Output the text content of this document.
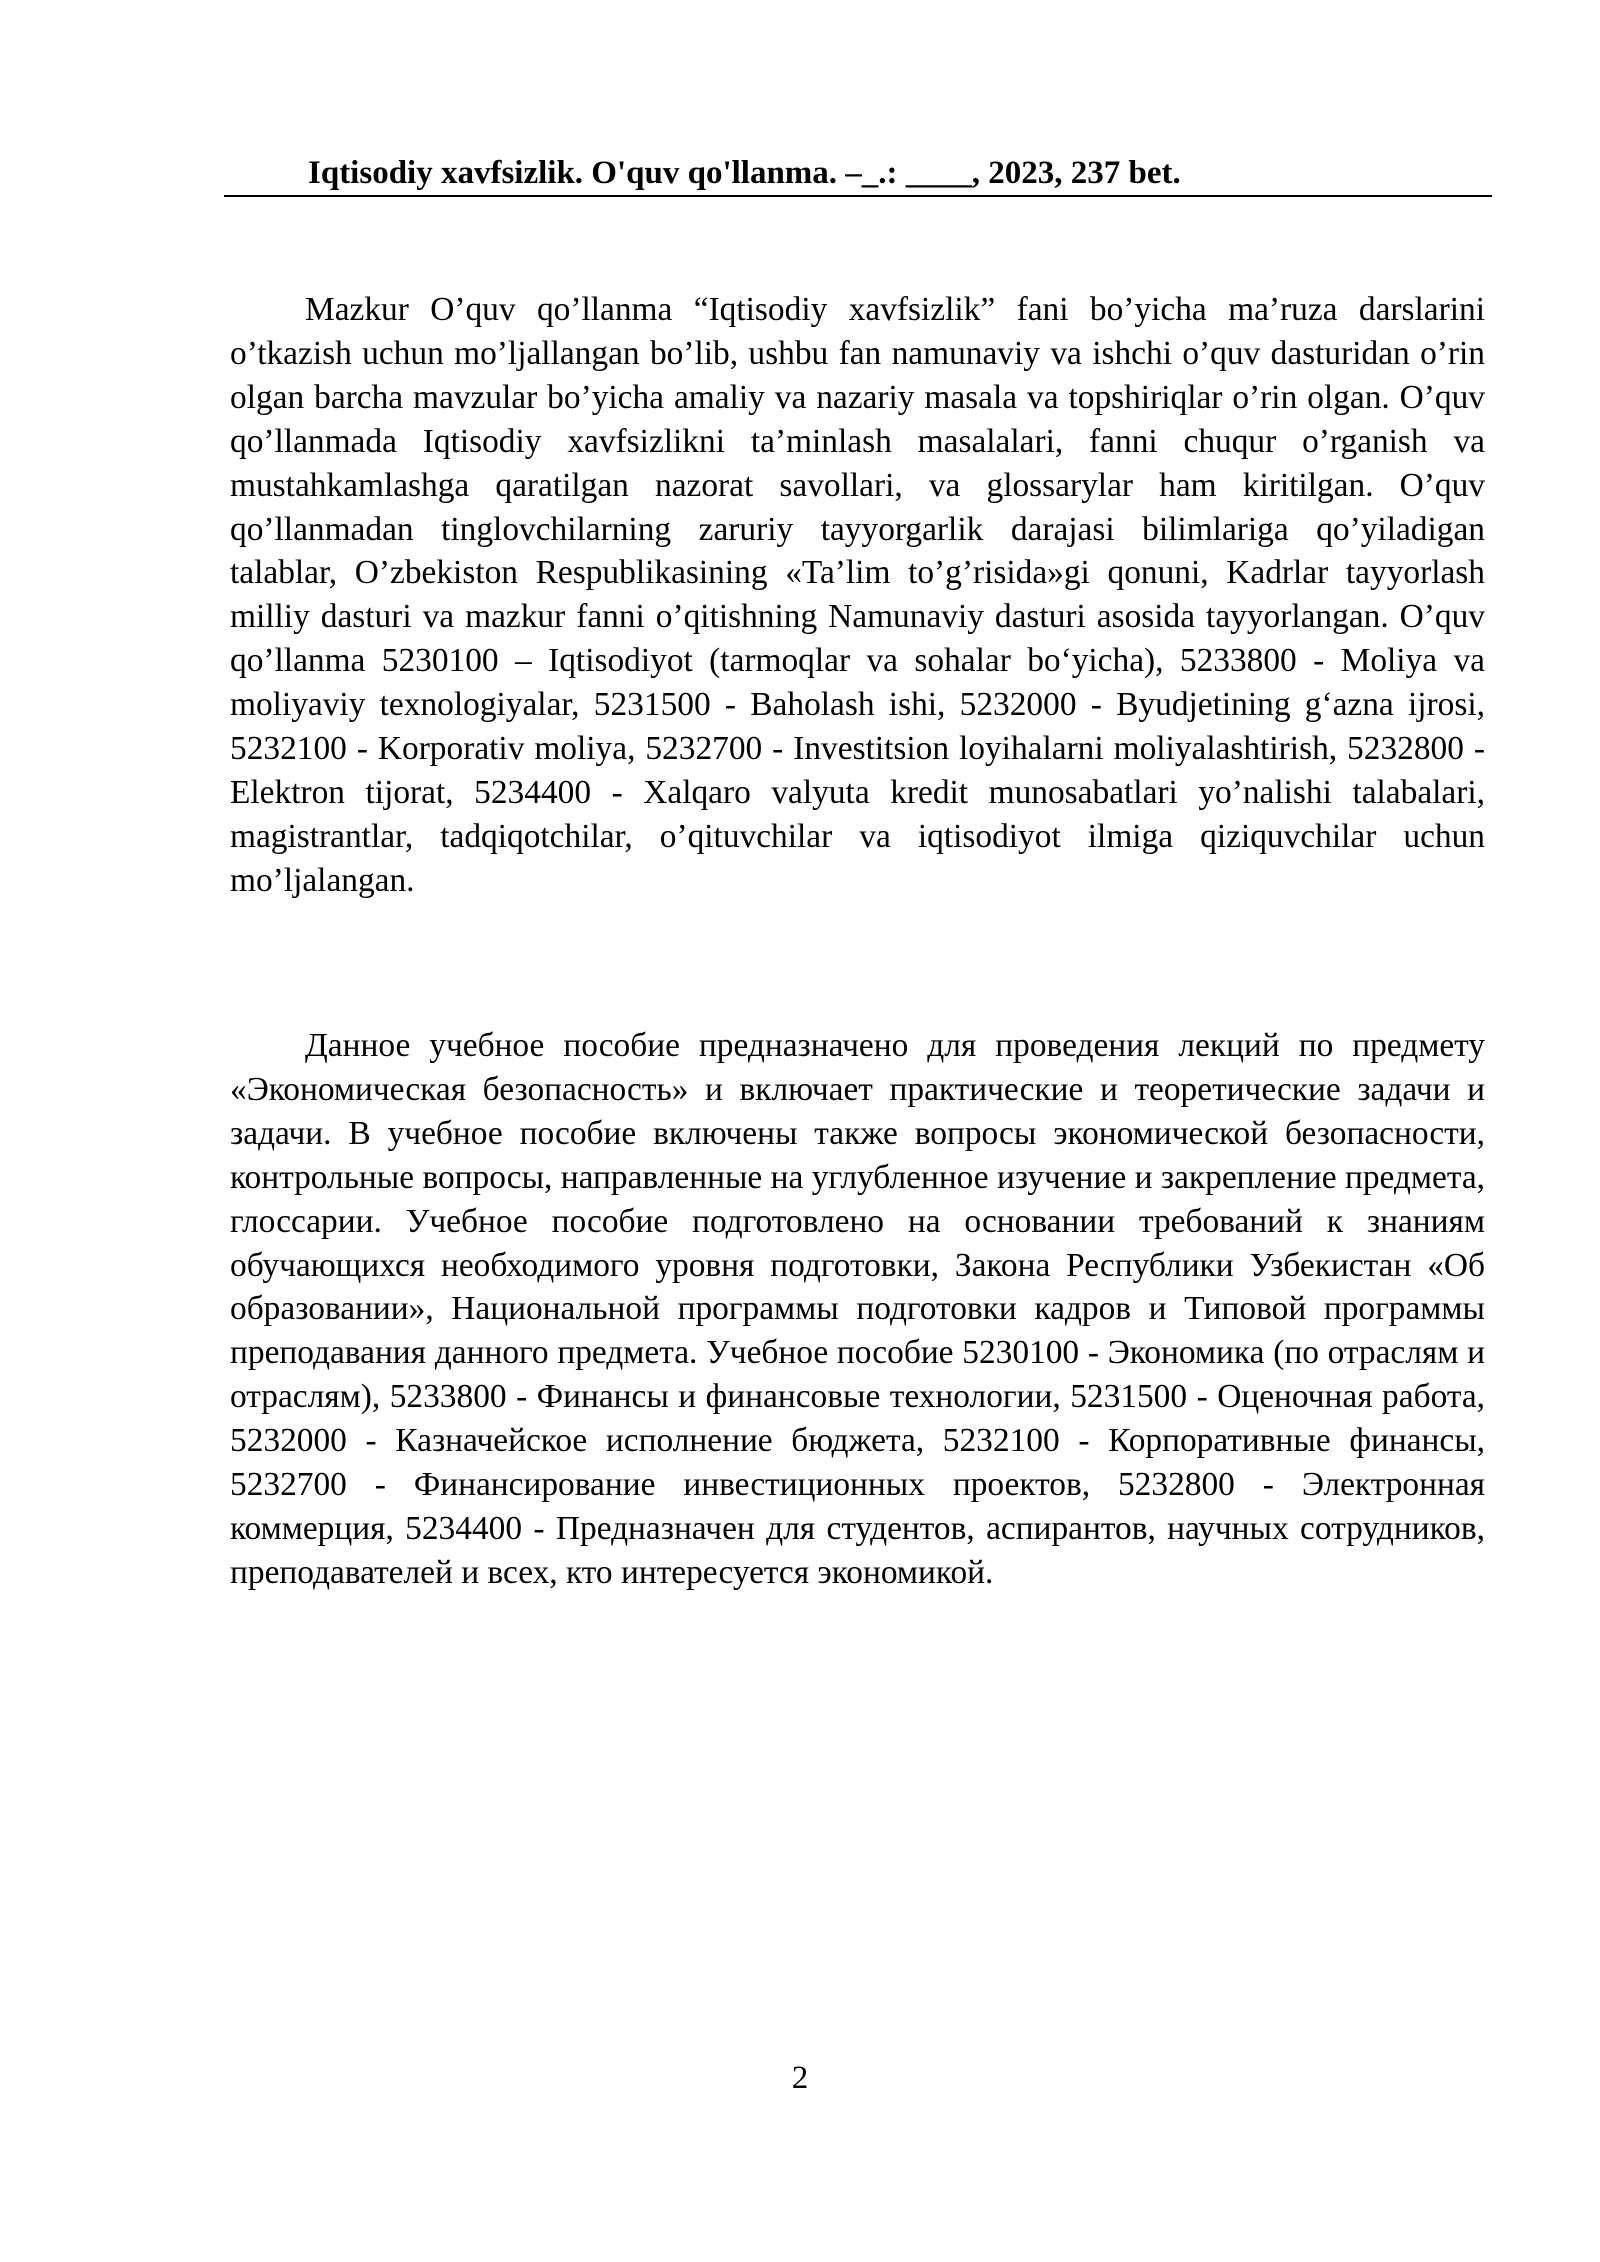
Iqtisodiy xavfsizlik. O'quv qo'llanma. –_.: ____, 2023, 237 bet.

Mazkur O’quv qo’llanma “Iqtisodiy xavfsizlik” fani bo’yicha ma’ruza darslarini o’tkazish uchun mo’ljallangan bo’lib, ushbu fan namunaviy va ishchi o’quv dasturidan o’rin olgan barcha mavzular bo’yicha amaliy va nazariy masala va topshiriqlar o’rin olgan. O’quv qo’llanmada Iqtisodiy xavfsizlikni ta’minlash masalalari, fanni chuqur o’rganish va mustahkamlashga qaratilgan nazorat savollari, va glossarylar ham kiritilgan. O’quv qo’llanmadan tinglovchilarning zaruriy tayyorgarlik darajasi bilimlariga qo’yiladigan talablar, O’zbekiston Respublikasining «Ta’lim to’g’risida»gi qonuni, Kadrlar tayyorlash milliy dasturi va mazkur fanni o’qitishning Namunaviy dasturi asosida tayyorlangan. O’quv qo’llanma 5230100 – Iqtisodiyot (tarmoqlar va sohalar bo‘yicha), 5233800 - Moliya va moliyaviy texnologiyalar, 5231500 - Baholash ishi, 5232000 - Byudjetining g‘azna ijrosi, 5232100 - Korporativ moliya, 5232700 - Investitsion loyihalarni moliyalashtirish, 5232800 - Elektron tijorat, 5234400 - Xalqaro valyuta kredit munosabatlari yo’nalishi talabalari, magistrantlar, tadqiqotchilar, o’qituvchilar va iqtisodiyot ilmiga qiziquvchilar uchun mo’ljalangan.

Данное учебное пособие предназначено для проведения лекций по предмету «Экономическая безопасность» и включает практические и теоретические задачи и задачи. В учебное пособие включены также вопросы экономической безопасности, контрольные вопросы, направленные на углубленное изучение и закрепление предмета, глоссарии. Учебное пособие подготовлено на основании требований к знаниям обучающихся необходимого уровня подготовки, Закона Республики Узбекистан «Об образовании», Национальной программы подготовки кадров и Типовой программы преподавания данного предмета. Учебное пособие 5230100 - Экономика (по отраслям и отраслям), 5233800 - Финансы и финансовые технологии, 5231500 - Оценочная работа, 5232000 - Казначейское исполнение бюджета, 5232100 - Корпоративные финансы, 5232700 - Финансирование инвестиционных проектов, 5232800 - Электронная коммерция, 5234400 - Предназначен для студентов, аспирантов, научных сотрудников, преподавателей и всех, кто интересуется экономикой.

2
